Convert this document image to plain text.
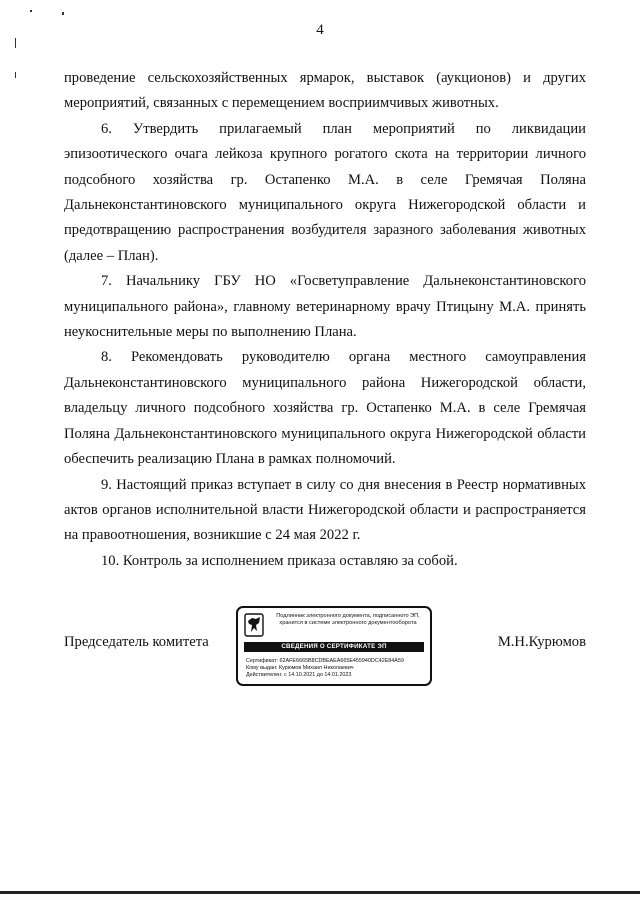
4

проведение сельскохозяйственных ярмарок, выставок (аукционов) и других мероприятий, связанных с перемещением восприимчивых животных.

6. Утвердить прилагаемый план мероприятий по ликвидации эпизоотического очага лейкоза крупного рогатого скота на территории личного подсобного хозяйства гр. Остапенко М.А. в селе Гремячая Поляна Дальнеконстантиновского муниципального округа Нижегородской области и предотвращению распространения возбудителя заразного заболевания животных (далее – План).

7. Начальнику ГБУ НО «Госветуправление Дальнеконстантиновского муниципального района», главному ветеринарному врачу Птицыну М.А. принять неукоснительные меры по выполнению Плана.

8. Рекомендовать руководителю органа местного самоуправления Дальнеконстантиновского муниципального района Нижегородской области, владельцу личного подсобного хозяйства гр. Остапенко М.А. в селе Гремячая Поляна Дальнеконстантиновского муниципального округа Нижегородской области обеспечить реализацию Плана в рамках полномочий.

9. Настоящий приказ вступает в силу со дня внесения в Реестр нормативных актов органов исполнительной власти Нижегородской области и распространяется на правоотношения, возникшие с 24 мая 2022 г.

10. Контроль за исполнением приказа оставляю за собой.

Председатель комитета
Подлинник электронного документа, подписанного ЭП,
хранится в системе электронного документооборота
СВЕДЕНИЯ О СЕРТИФИКАТЕ ЭП
Сертификат: 62AFE6665B8CDBEAEA665E455940DC42E84A59
Кому выдан: Курюмов Михаил Николаевич
Действителен: с 14.10.2021 до 14.01.2023
М.Н.Курюмов
